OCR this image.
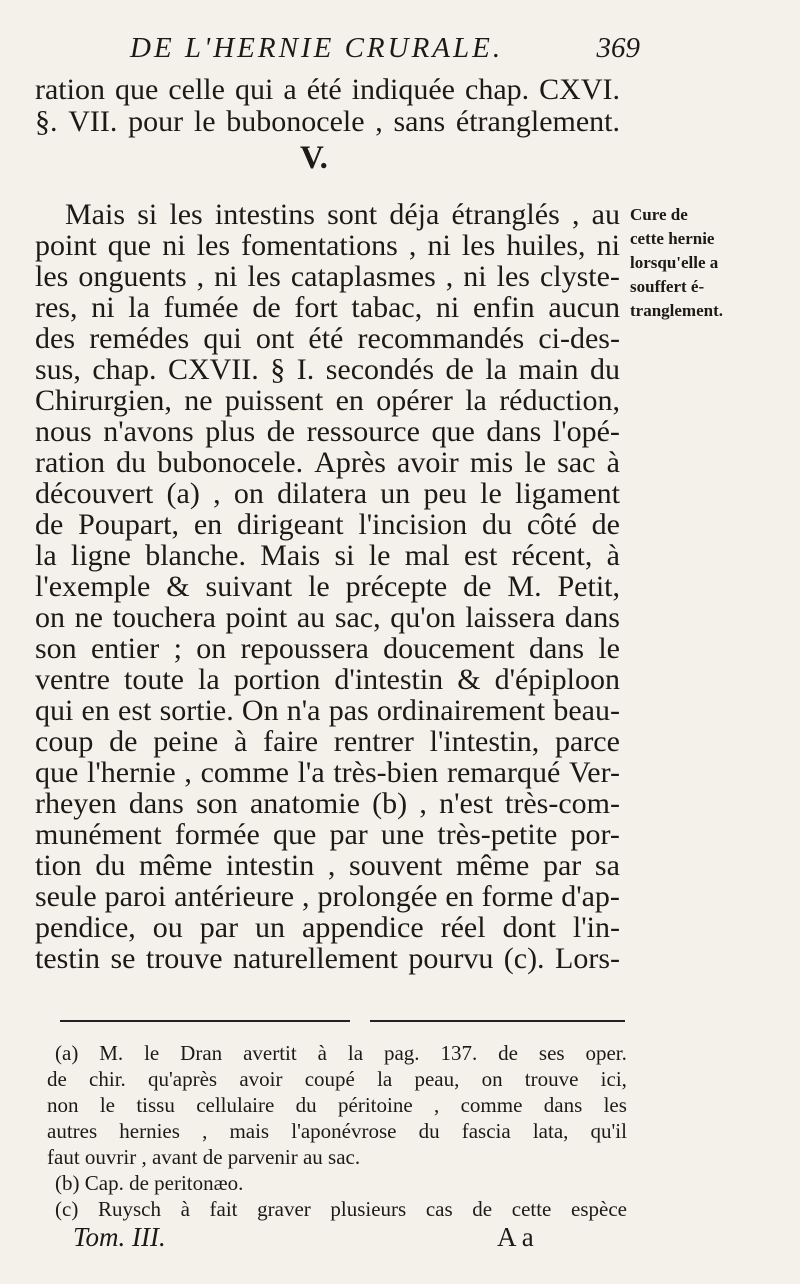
DE L'HERNIE CRURALE.	369
ration que celle qui a été indiquée chap. CXVI.
§. VII. pour le bubonocele , sans étranglement.
V.
Cure de
cette hernie
lorsqu'elle a
souffert é-
tranglement.
Mais si les intestins sont déja étranglés , au
point que ni les fomentations , ni les huiles, ni
les onguents , ni les cataplasmes , ni les clyste-
res, ni la fumée de fort tabac, ni enfin aucun
des remédes qui ont été recommandés ci-des-
sus, chap. CXVII. § I. secondés de la main du
Chirurgien, ne puissent en opérer la réduction,
nous n'avons plus de ressource que dans l'opé-
ration du bubonocele. Après avoir mis le sac à
découvert (a) , on dilatera un peu le ligament
de Poupart, en dirigeant l'incision du côté de
la ligne blanche. Mais si le mal est récent, à
l'exemple & suivant le précepte de M. Petit,
on ne touchera point au sac, qu'on laissera dans
son entier ; on repoussera doucement dans le
ventre toute la portion d'intestin & d'épiploon
qui en est sortie. On n'a pas ordinairement beau-
coup de peine à faire rentrer l'intestin, parce
que l'hernie , comme l'a très-bien remarqué Ver-
rheyen dans son anatomie (b) , n'est très-com-
munément formée que par une très-petite por-
tion du même intestin , souvent même par sa
seule paroi antérieure , prolongée en forme d'ap-
pendice, ou par un appendice réel dont l'in-
testin se trouve naturellement pourvu (c). Lors-
(a) M. le Dran avertit à la pag. 137. de ses oper.
de chir. qu'après avoir coupé la peau, on trouve ici,
non le tissu cellulaire du péritoine , comme dans les
autres hernies , mais l'aponévrose du fascia lata, qu'il
faut ouvrir , avant de parvenir au sac.
(b) Cap. de peritonæo.
(c) Ruysch à fait graver plusieurs cas de cette espèce
Tom. III.	A a
